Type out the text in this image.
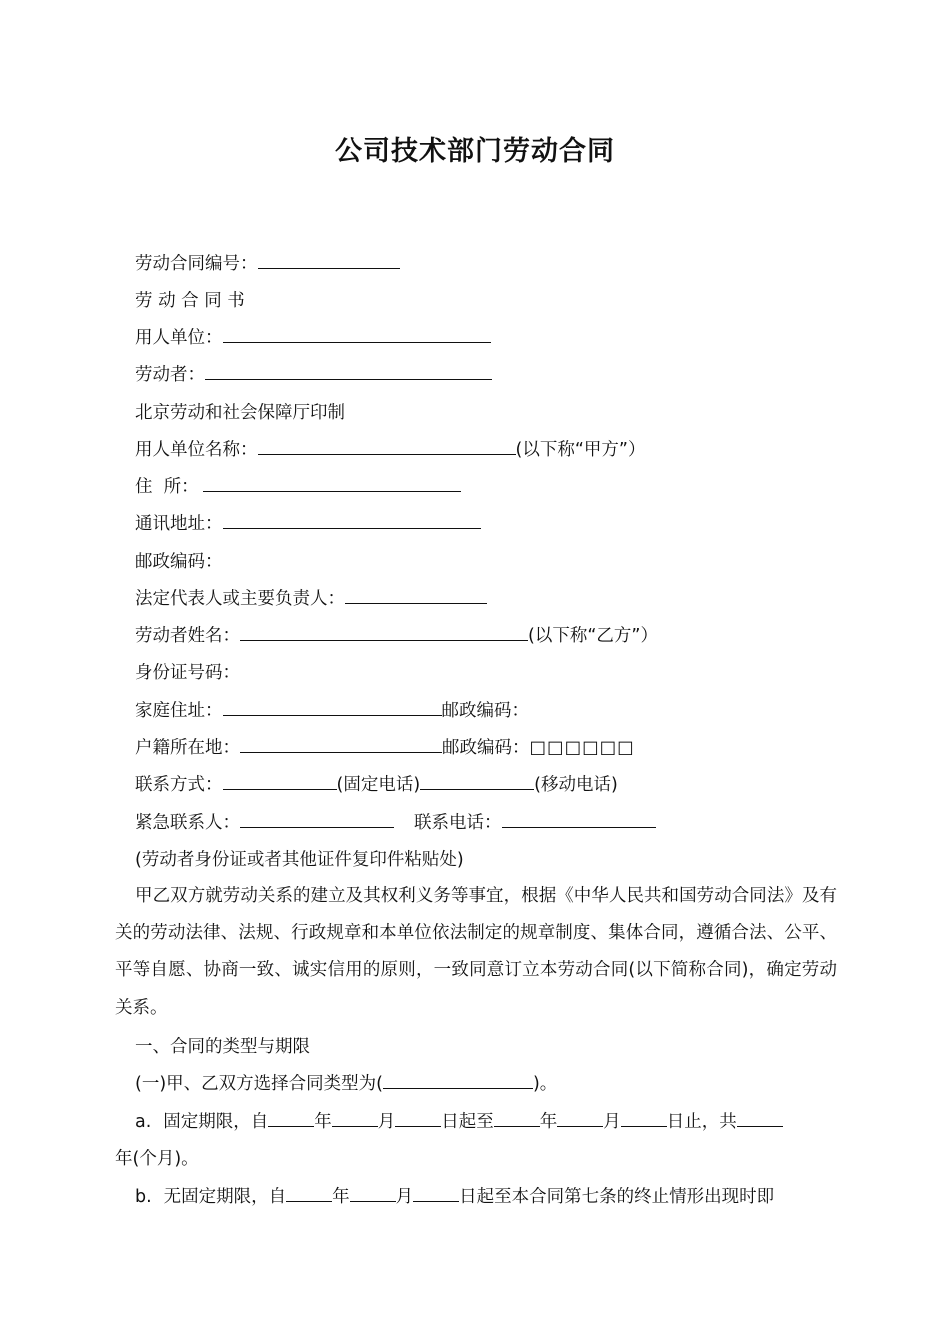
公司技术部门劳动合同
劳动合同编号：
劳 动 合 同 书
用人单位：
劳动者：
北京劳动和社会保障厅印制
用人单位名称：	(以下称“甲方”）
住  所：
通讯地址：
邮政编码：
法定代表人或主要负责人：
劳动者姓名：	(以下称“乙方”）
身份证号码：
家庭住址：	邮政编码：
户籍所在地：	邮政编码：□□□□□□
联系方式：	(固定电话)	(移动电话)
紧急联系人：	联系电话：
(劳动者身份证或者其他证件复印件粘贴处)
甲乙双方就劳动关系的建立及其权利义务等事宜，根据《中华人民共和国劳动合同法》及有关的劳动法律、法规、行政规章和本单位依法制定的规章制度、集体合同，遵循合法、公平、平等自愿、协商一致、诚实信用的原则，一致同意订立本劳动合同(以下简称合同)，确定劳动关系。
一、合同的类型与期限
(一)甲、乙双方选择合同类型为(	)。
a. 固定期限，自	年	月	日起至	年	月	日止，共
年(个月)。
b. 无固定期限，自	年	月	日起至本合同第七条的终止情形出现时即
